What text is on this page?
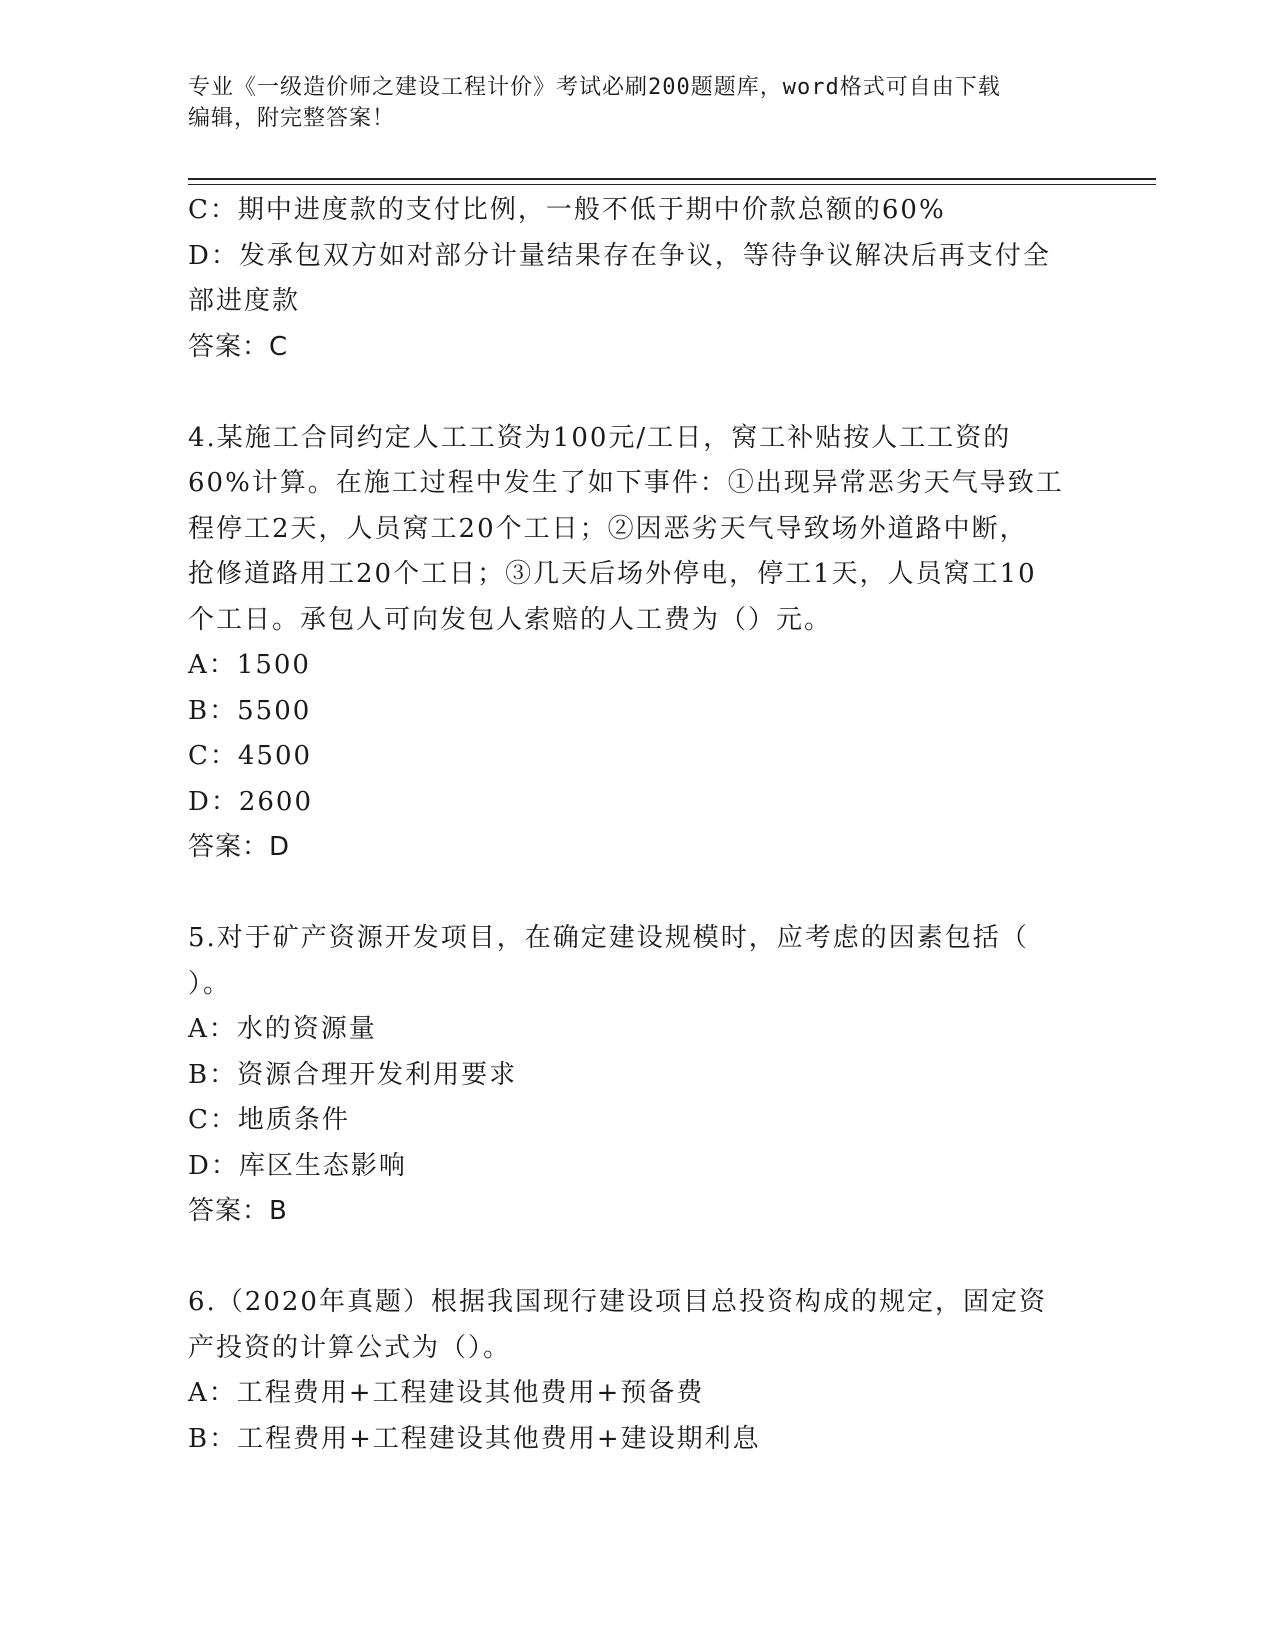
专业《一级造价师之建设工程计价》考试必刷200题题库，word格式可自由下载
编辑，附完整答案！
C：期中进度款的支付比例，一般不低于期中价款总额的60%
D：发承包双方如对部分计量结果存在争议，等待争议解决后再支付全
部进度款
答案：C
4.某施工合同约定人工工资为100元/工日，窝工补贴按人工工资的
60%计算。在施工过程中发生了如下事件：①出现异常恶劣天气导致工
程停工2天，人员窝工20个工日；②因恶劣天气导致场外道路中断，
抢修道路用工20个工日；③几天后场外停电，停工1天，人员窝工10
个工日。承包人可向发包人索赔的人工费为（）元。
A：1500
B：5500
C：4500
D：2600
答案：D
5.对于矿产资源开发项目，在确定建设规模时，应考虑的因素包括（
）。
A：水的资源量
B：资源合理开发利用要求
C：地质条件
D：库区生态影响
答案：B
6.（2020年真题）根据我国现行建设项目总投资构成的规定，固定资
产投资的计算公式为（）。
A：工程费用+工程建设其他费用+预备费
B：工程费用+工程建设其他费用+建设期利息
